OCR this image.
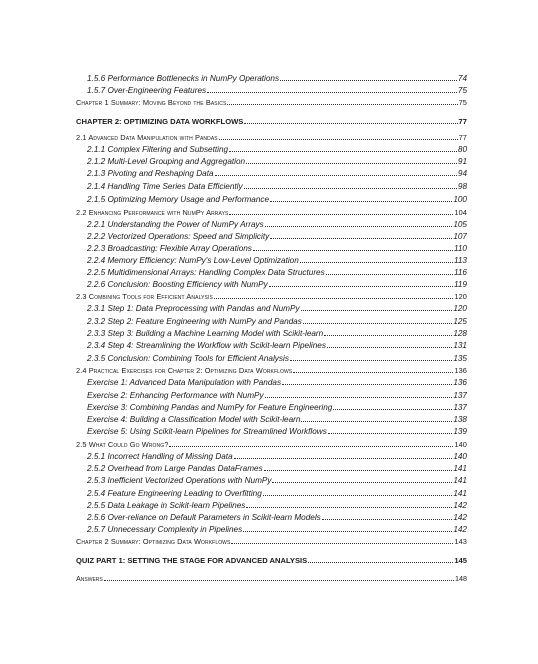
1.5.6 Performance Bottlenecks in NumPy Operations	74
1.5.7 Over-Engineering Features	75
Chapter 1 Summary: Moving Beyond the Basics	75
CHAPTER 2: OPTIMIZING DATA WORKFLOWS	77
2.1 Advanced Data Manipulation with Pandas	77
2.1.1 Complex Filtering and Subsetting	80
2.1.2 Multi-Level Grouping and Aggregation	91
2.1.3 Pivoting and Reshaping Data	94
2.1.4 Handling Time Series Data Efficiently	98
2.1.5 Optimizing Memory Usage and Performance	100
2.2 Enhancing Performance with NumPy Arrays	104
2.2.1 Understanding the Power of NumPy Arrays	105
2.2.2 Vectorized Operations: Speed and Simplicity	107
2.2.3 Broadcasting: Flexible Array Operations	110
2.2.4 Memory Efficiency: NumPy's Low-Level Optimization	113
2.2.5 Multidimensional Arrays: Handling Complex Data Structures	116
2.2.6 Conclusion: Boosting Efficiency with NumPy	119
2.3 Combining Tools for Efficient Analysis	120
2.3.1 Step 1: Data Preprocessing with Pandas and NumPy	120
2.3.2 Step 2: Feature Engineering with NumPy and Pandas	125
2.3.3 Step 3: Building a Machine Learning Model with Scikit-learn	128
2.3.4 Step 4: Streamlining the Workflow with Scikit-learn Pipelines	131
2.3.5 Conclusion: Combining Tools for Efficient Analysis	135
2.4 Practical Exercises for Chapter 2: Optimizing Data Workflows	136
Exercise 1: Advanced Data Manipulation with Pandas	136
Exercise 2: Enhancing Performance with NumPy	137
Exercise 3: Combining Pandas and NumPy for Feature Engineering	137
Exercise 4: Building a Classification Model with Scikit-learn	138
Exercise 5: Using Scikit-learn Pipelines for Streamlined Workflows	139
2.5 What Could Go Wrong?	140
2.5.1 Incorrect Handling of Missing Data	140
2.5.2 Overhead from Large Pandas DataFrames	141
2.5.3 Inefficient Vectorized Operations with NumPy	141
2.5.4 Feature Engineering Leading to Overfitting	141
2.5.5 Data Leakage in Scikit-learn Pipelines	142
2.5.6 Over-reliance on Default Parameters in Scikit-learn Models	142
2.5.7 Unnecessary Complexity in Pipelines	142
Chapter 2 Summary: Optimizing Data Workflows	143
QUIZ PART 1: SETTING THE STAGE FOR ADVANCED ANALYSIS	145
Answers	148
